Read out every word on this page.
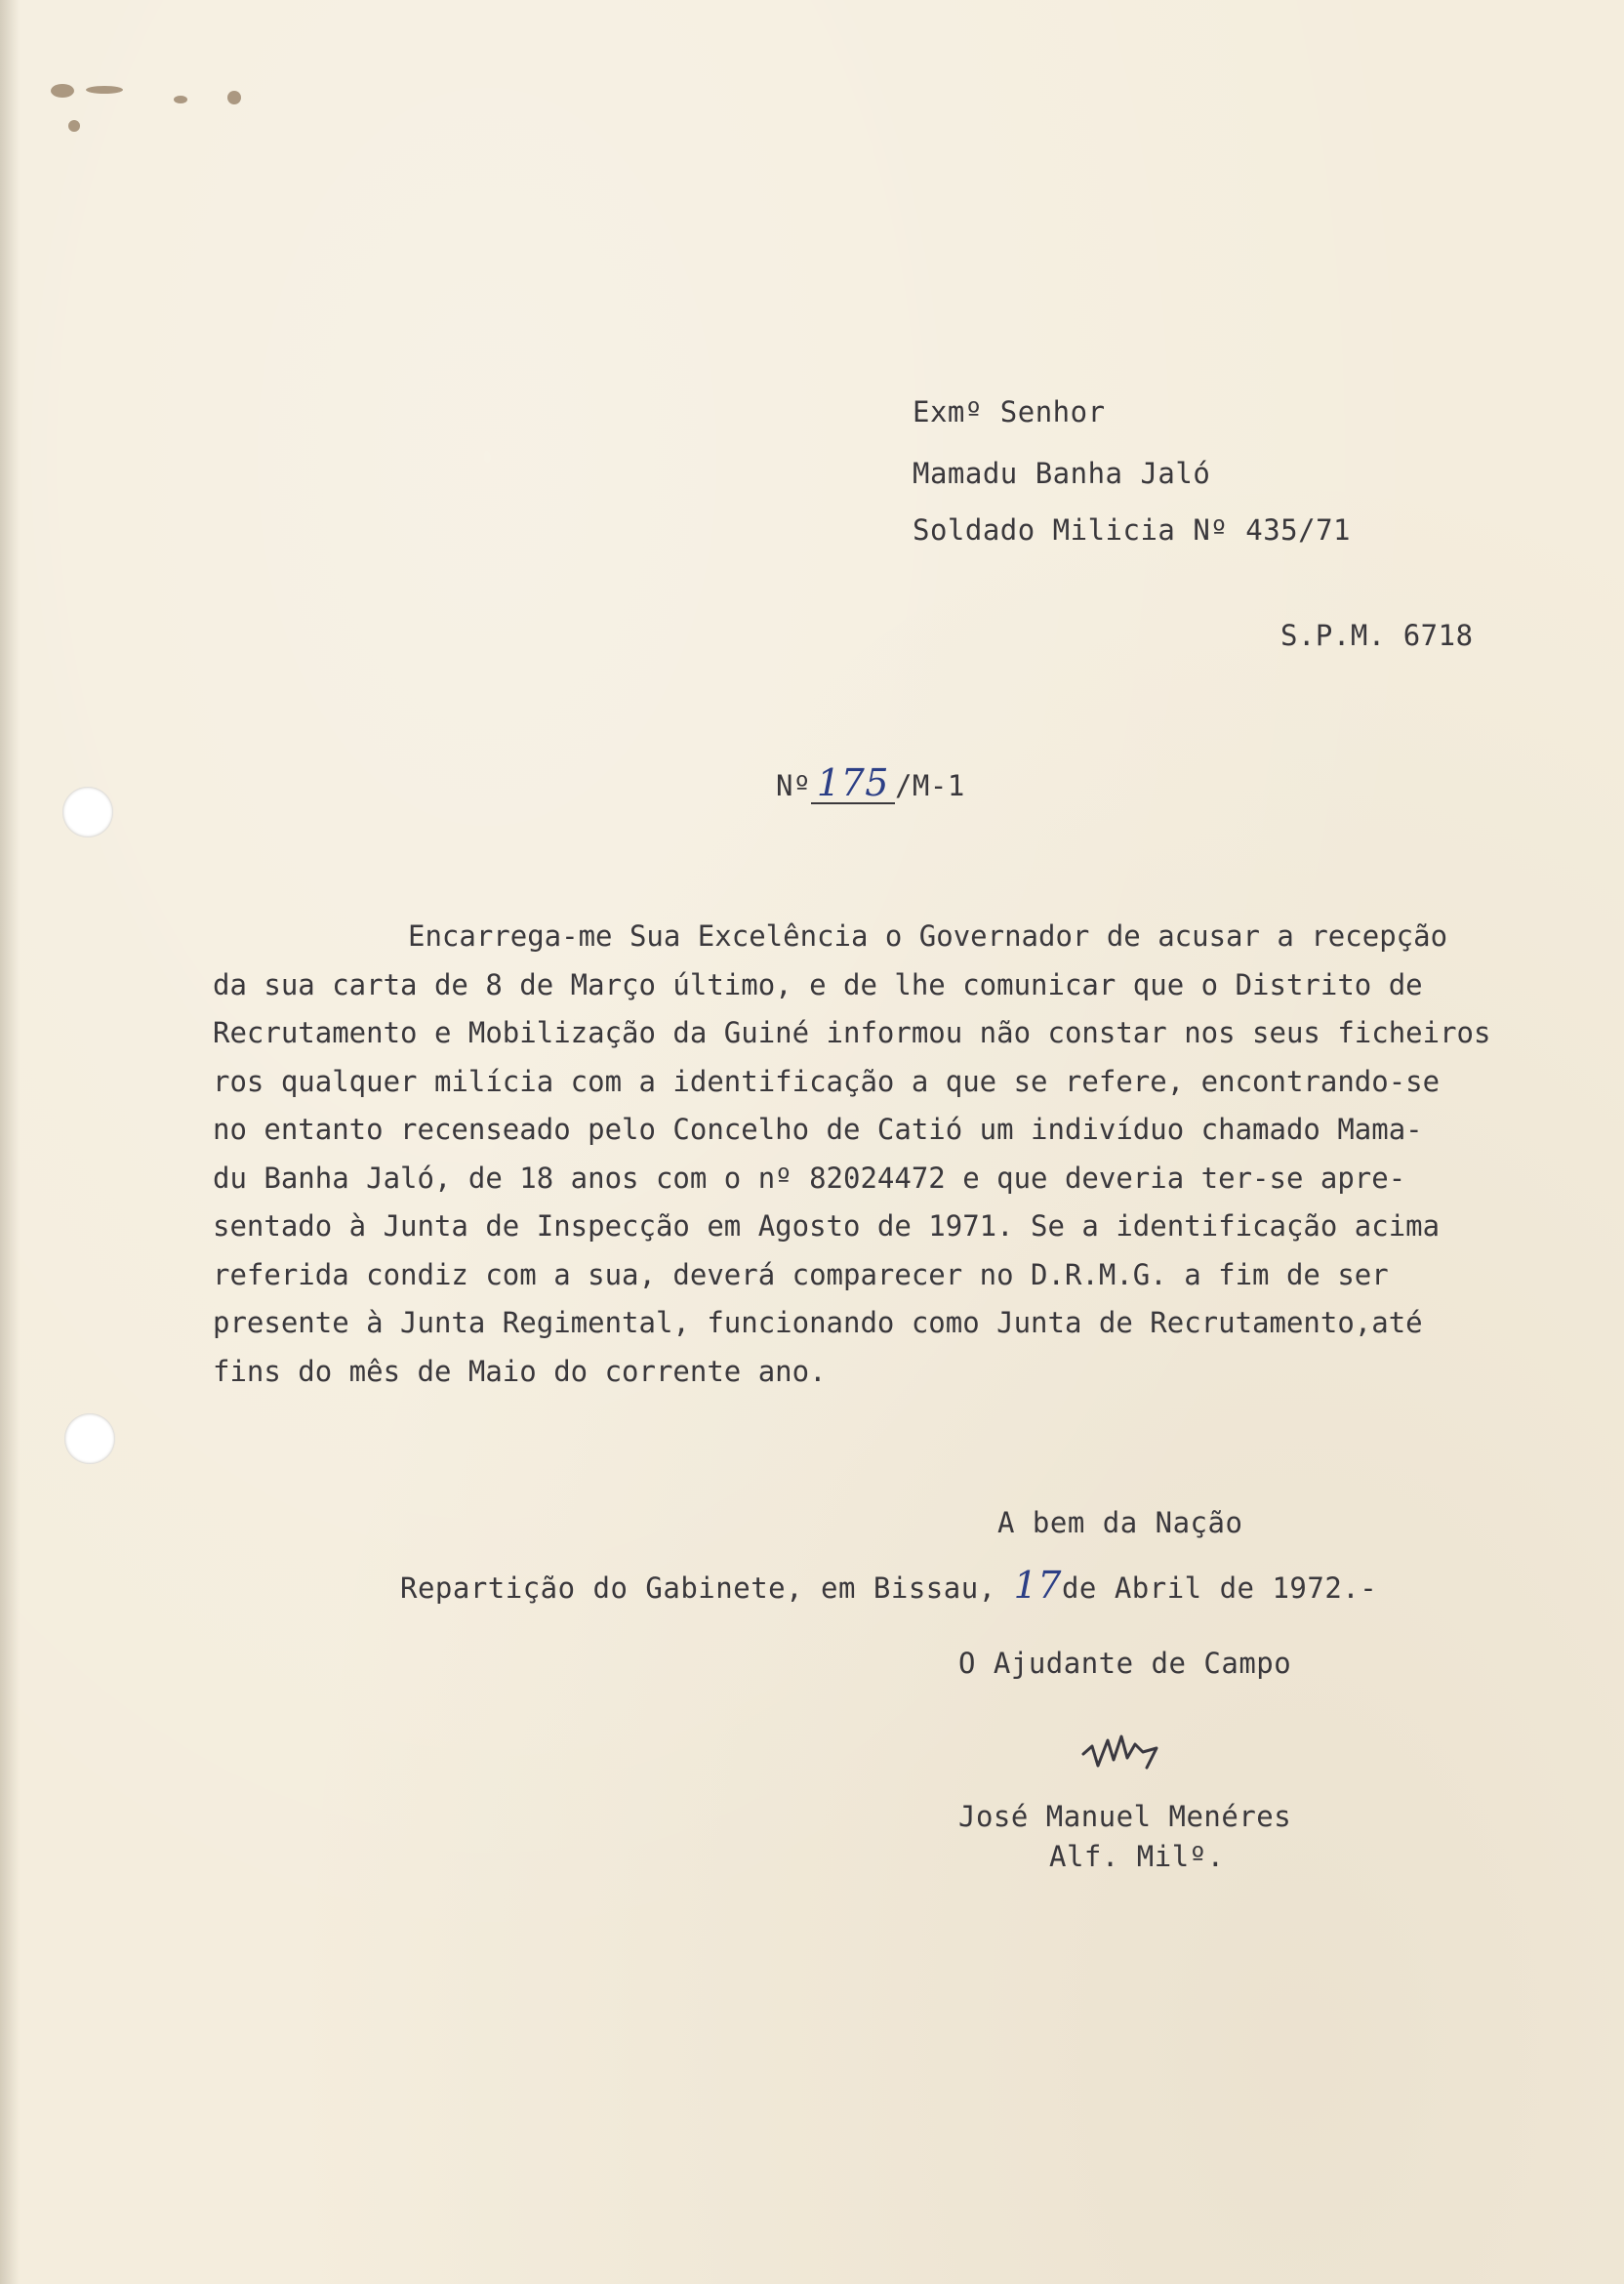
Exmº Senhor
Mamadu Banha Jaló
Soldado Milicia Nº 435/71
S.P.M. 6718
Nº 175 /M-1
Encarrega-me Sua Excelência o Governador de acusar a recepção
da sua carta de 8 de Março último, e de lhe comunicar que o Distrito de
Recrutamento e Mobilização da Guiné informou não constar nos seus ficheiros
ros qualquer milícia com a identificação a que se refere, encontrando-se
no entanto recenseado pelo Concelho de Catió um indivíduo chamado Mama-
du Banha Jaló, de 18 anos com o nº 82024472 e que deveria ter-se apre-
sentado à Junta de Inspecção em Agosto de 1971. Se a identificação acima
referida condiz com a sua, deverá comparecer no D.R.M.G. a fim de ser
presente à Junta Regimental, funcionando como Junta de Recrutamento,até
fins do mês de Maio do corrente ano.
A bem da Nação
Repartição do Gabinete, em Bissau, 17de Abril de 1972.-
O Ajudante de Campo
José Manuel Menéres
Alf. Milº.
